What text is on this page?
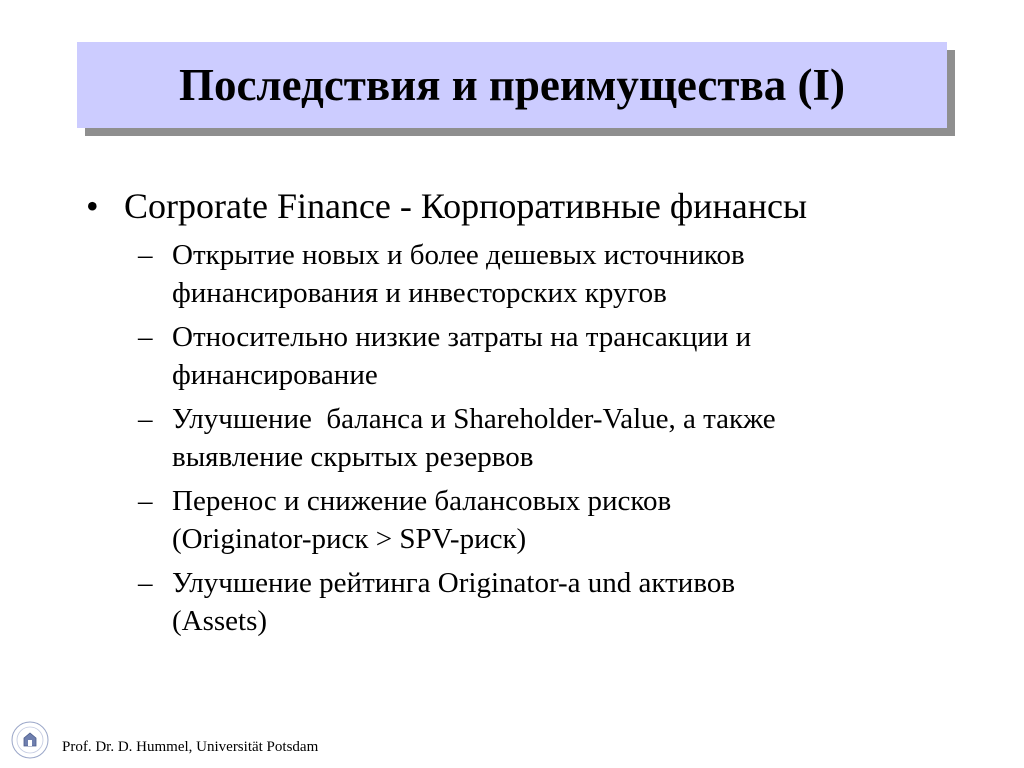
Последствия и преимущества (I)
• Corporate Finance - Корпоративные финансы
– Открытие новых и более дешевых источников
финансирования и инвесторских кругов
– Относительно низкие затраты на трансакции и
финансирование
– Улучшение  баланса и Shareholder-Value, а также
выявление скрытых резервов
– Перенос и снижение балансовых рисков
(Originator-риск > SPV-риск)
– Улучшение рейтинга Originator-а und активов
(Assets)
Prof. Dr. D. Hummel, Universität Potsdam
